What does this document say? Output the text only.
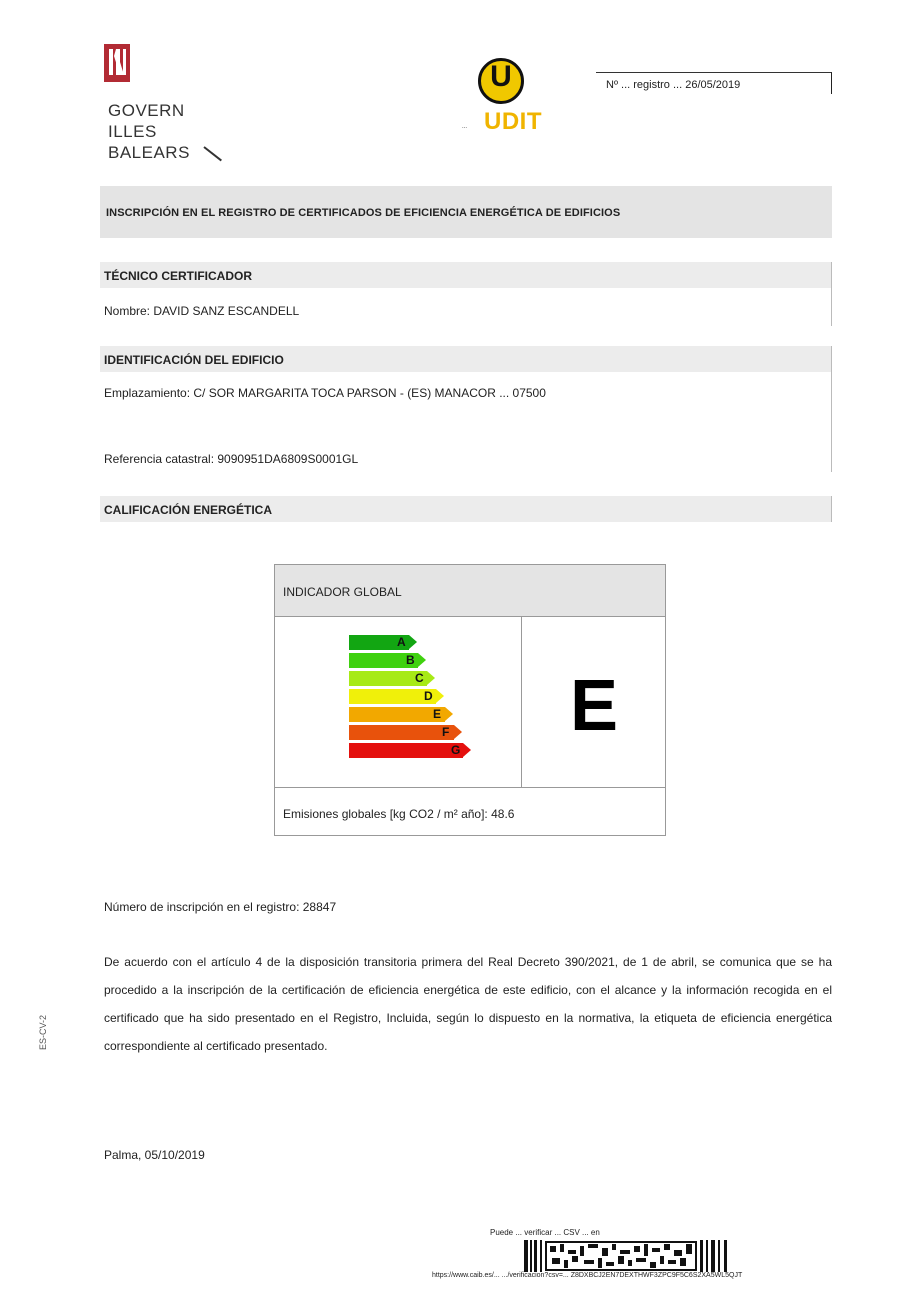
GOVERN
ILLES
BALEARS
U
... UDIT
Nº ... registro ... 26/05/2019
INSCRIPCIÓN EN EL REGISTRO DE CERTIFICADOS DE EFICIENCIA ENERGÉTICA DE EDIFICIOS
TÉCNICO CERTIFICADOR
Nombre: DAVID SANZ ESCANDELL
IDENTIFICACIÓN DEL EDIFICIO
Emplazamiento: C/ SOR MARGARITA TOCA PARSON - (ES) MANACOR ... 07500
Referencia catastral: 9090951DA6809S0001GL
CALIFICACIÓN ENERGÉTICA
INDICADOR GLOBAL
A
B
C
D
E
F
G
E
Emisiones globales [kg CO2 / m² año]: 48.6
Número de inscripción en el registro: 28847

De acuerdo con el artículo 4 de la disposición transitoria primera del Real Decreto 390/2021, de 1 de abril, se comunica que se ha procedido a la inscripción de la certificación de eficiencia energética de este edificio, con el alcance y la información recogida en el certificado que ha sido presentado en el Registro, Incluida, según lo dispuesto en la normativa, la etiqueta de eficiencia energética correspondiente al certificado presentado.

Palma, 05/10/2019
ES-CV-2
Puede ... verificar ... CSV ... en
https://www.caib.es/... .../verificacion?csv=... Z8DXBCJ2EN7DEXTHWF3ZPC9F5C6S2XA5WL5QJT
